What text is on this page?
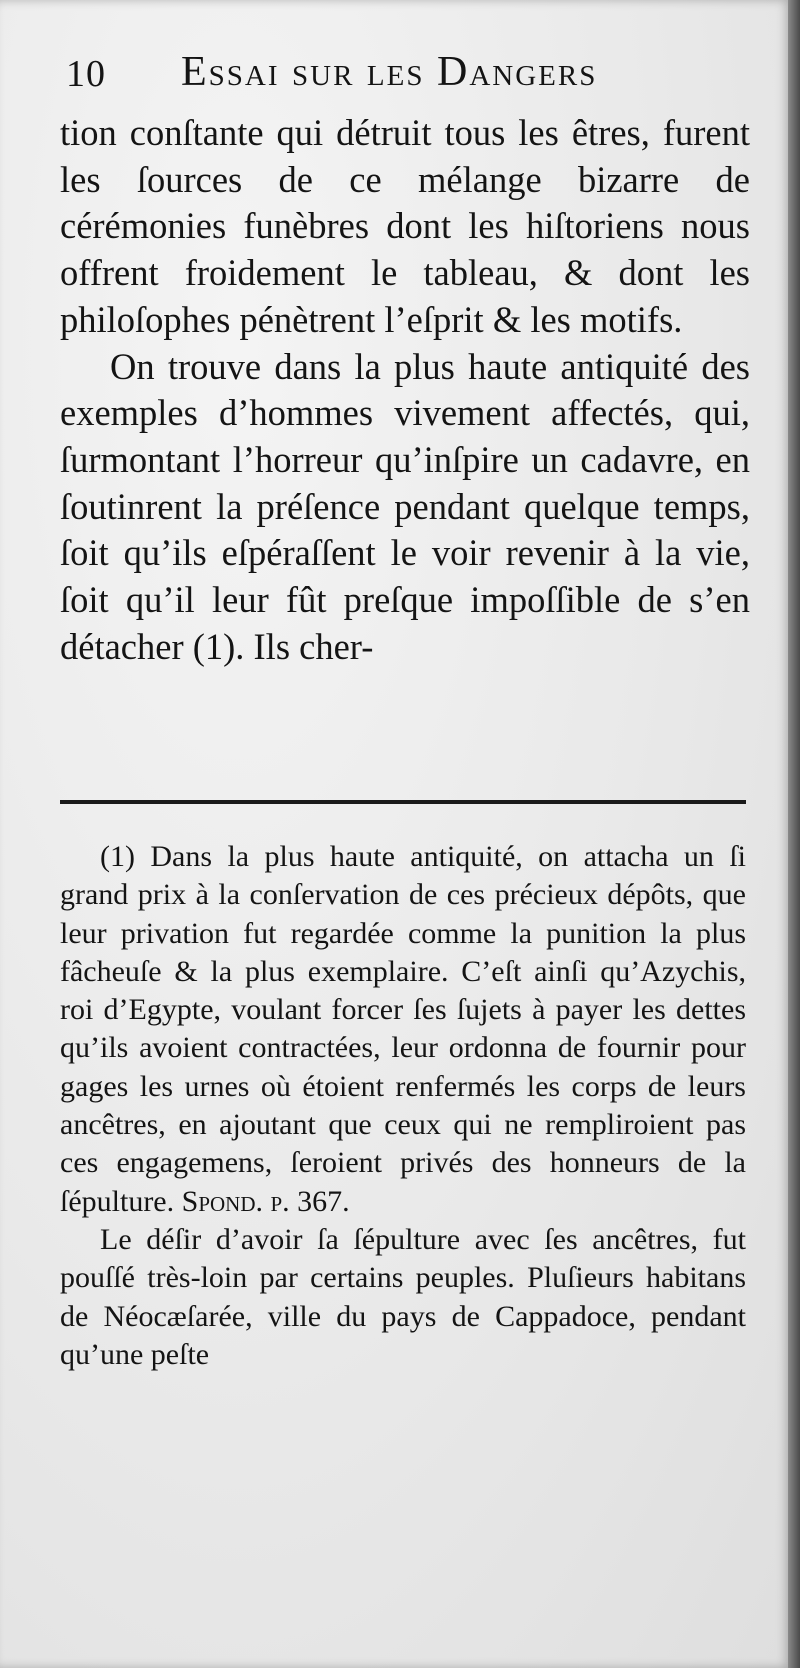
10 Essai sur les Dangers

tion conſtante qui détruit tous les êtres, furent les ſources de ce mélange bizarre de cérémonies funèbres dont les hiſtoriens nous offrent froidement le tableau, & dont les philoſophes pénètrent l’eſprit & les motifs.

On trouve dans la plus haute antiquité des exemples d’hommes vivement affectés, qui, ſurmontant l’horreur qu’inſpire un cadavre, en ſoutinrent la préſence pendant quelque temps, ſoit qu’ils eſpéraſſent le voir revenir à la vie, ſoit qu’il leur fût preſque impoſſible de s’en détacher (1). Ils cher-

(1) Dans la plus haute antiquité, on attacha un ſi grand prix à la conſervation de ces précieux dépôts, que leur privation fut regardée comme la punition la plus fâcheuſe & la plus exemplaire. C’eſt ainſi qu’Azychis, roi d’Egypte, voulant forcer ſes ſujets à payer les dettes qu’ils avoient contractées, leur ordonna de fournir pour gages les urnes où étoient renfermés les corps de leurs ancêtres, en ajoutant que ceux qui ne rempliroient pas ces engagemens, ſeroient privés des honneurs de la ſépulture. Spond. p. 367.

Le déſir d’avoir ſa ſépulture avec ſes ancêtres, fut pouſſé très-loin par certains peuples. Pluſieurs habitans de Néocæſarée, ville du pays de Cappadoce, pendant qu’une peſte
